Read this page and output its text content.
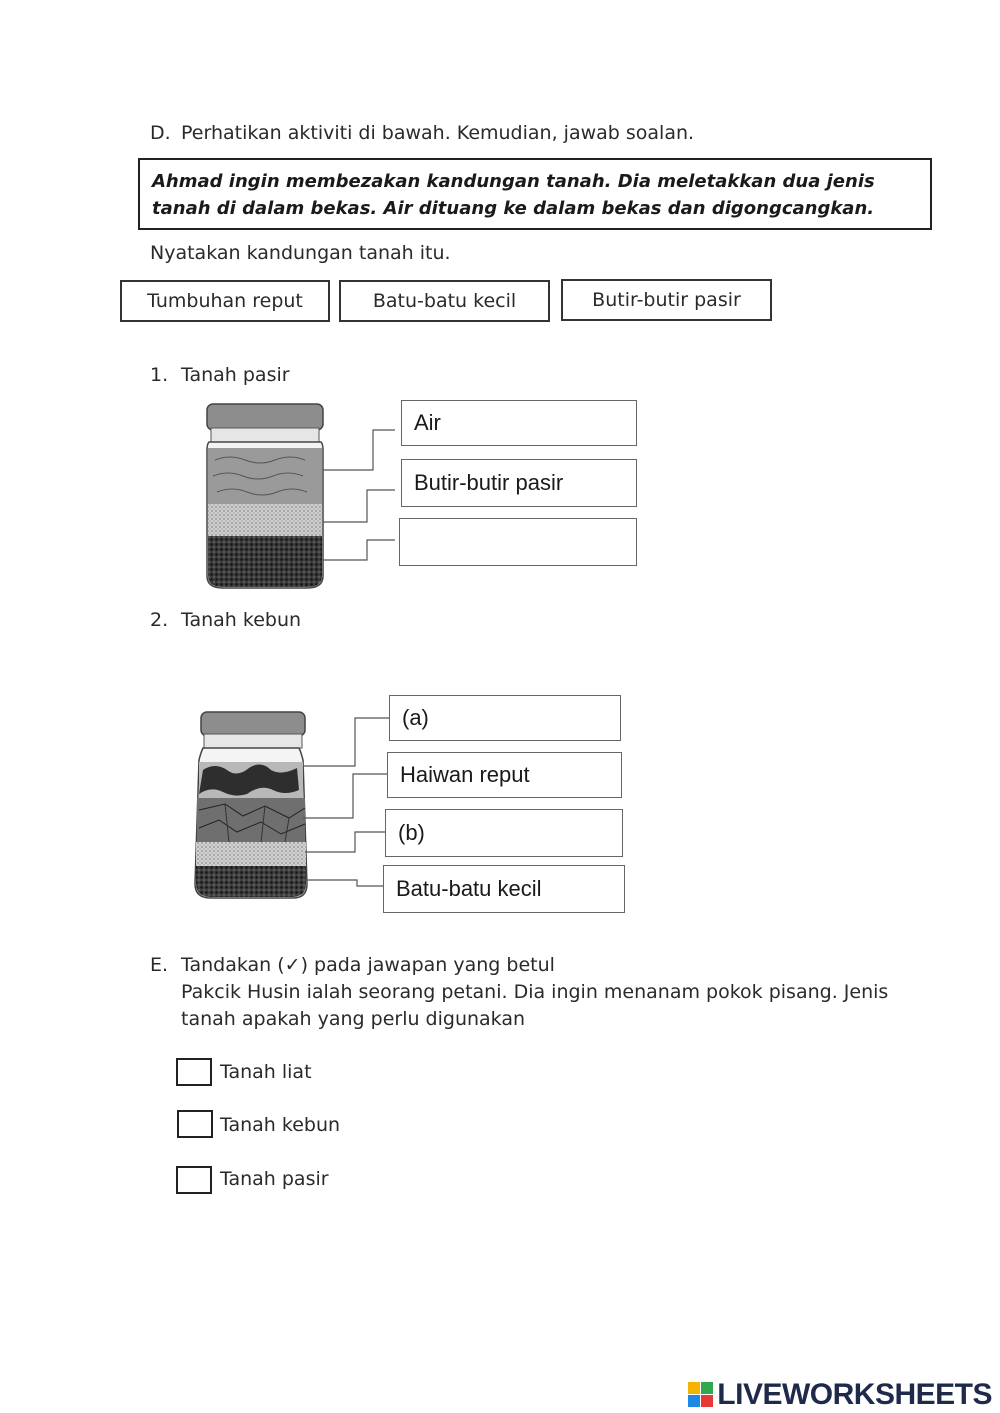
D. Perhatikan aktiviti di bawah. Kemudian, jawab soalan.
Ahmad ingin membezakan kandungan tanah. Dia meletakkan dua jenis tanah di dalam bekas. Air dituang ke dalam bekas dan digongcangkan.
Nyatakan kandungan tanah itu.
Tumbuhan reput	Batu-batu kecil	Butir-butir pasir
1. Tanah pasir
Air
Butir-butir pasir
2. Tanah kebun
(a)
Haiwan reput
(b)
Batu-batu kecil
E. Tandakan (✓) pada jawapan yang betul
Pakcik Husin ialah seorang petani. Dia ingin menanam pokok pisang. Jenis
tanah apakah yang perlu digunakan
Tanah liat
Tanah kebun
Tanah pasir
LIVEWORKSHEETS
